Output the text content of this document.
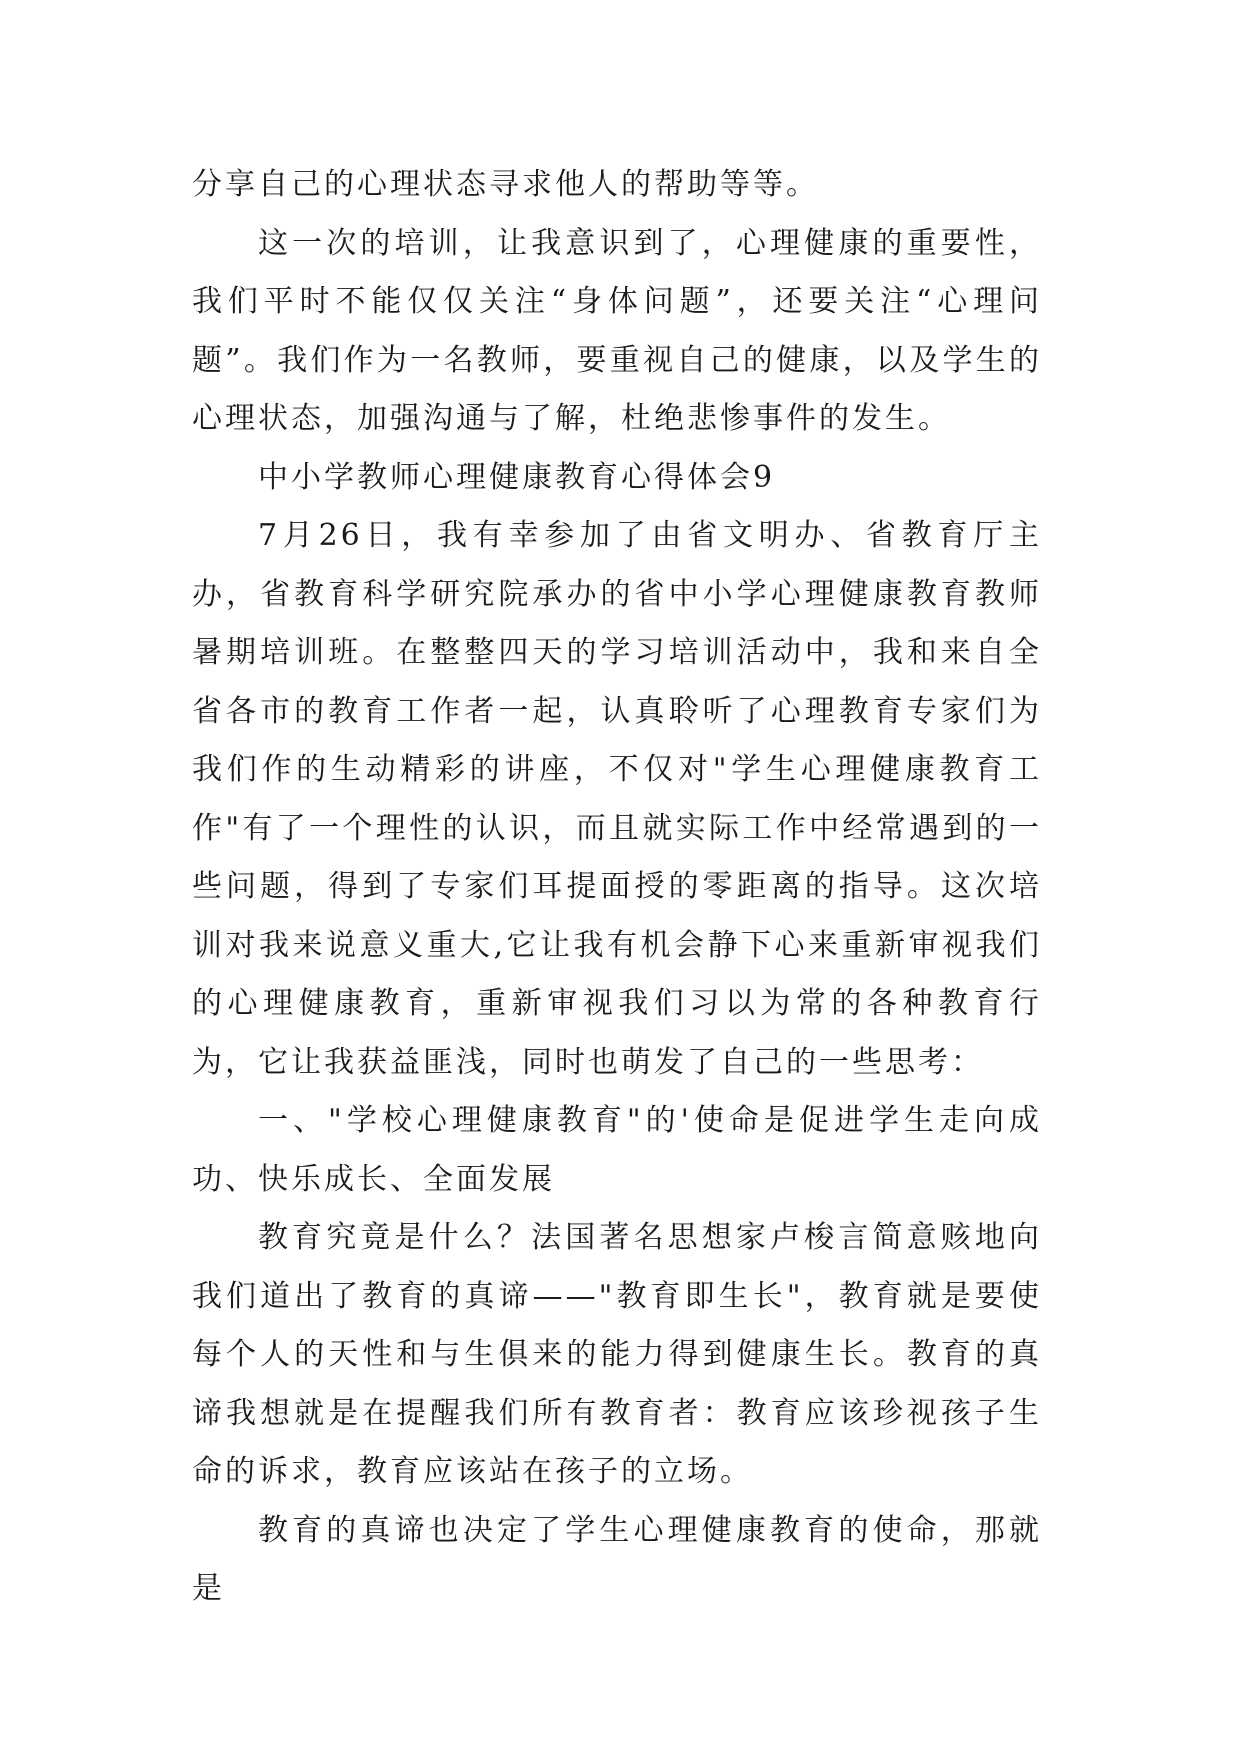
分享自己的心理状态寻求他人的帮助等等。

这一次的培训，让我意识到了，心理健康的重要性，我们平时不能仅仅关注“身体问题”，还要关注“心理问题”。我们作为一名教师，要重视自己的健康，以及学生的心理状态，加强沟通与了解，杜绝悲惨事件的发生。

中小学教师心理健康教育心得体会9

7月26日，我有幸参加了由省文明办、省教育厅主办，省教育科学研究院承办的省中小学心理健康教育教师暑期培训班。在整整四天的学习培训活动中，我和来自全省各市的教育工作者一起，认真聆听了心理教育专家们为我们作的生动精彩的讲座，不仅对"学生心理健康教育工作"有了一个理性的认识，而且就实际工作中经常遇到的一些问题，得到了专家们耳提面授的零距离的指导。这次培训对我来说意义重大,它让我有机会静下心来重新审视我们的心理健康教育，重新审视我们习以为常的各种教育行为，它让我获益匪浅，同时也萌发了自己的一些思考：

一、"学校心理健康教育"的'使命是促进学生走向成功、快乐成长、全面发展

教育究竟是什么？法国著名思想家卢梭言简意赅地向我们道出了教育的真谛——"教育即生长"，教育就是要使每个人的天性和与生俱来的能力得到健康生长。教育的真谛我想就是在提醒我们所有教育者：教育应该珍视孩子生命的诉求，教育应该站在孩子的立场。

教育的真谛也决定了学生心理健康教育的使命，那就是
